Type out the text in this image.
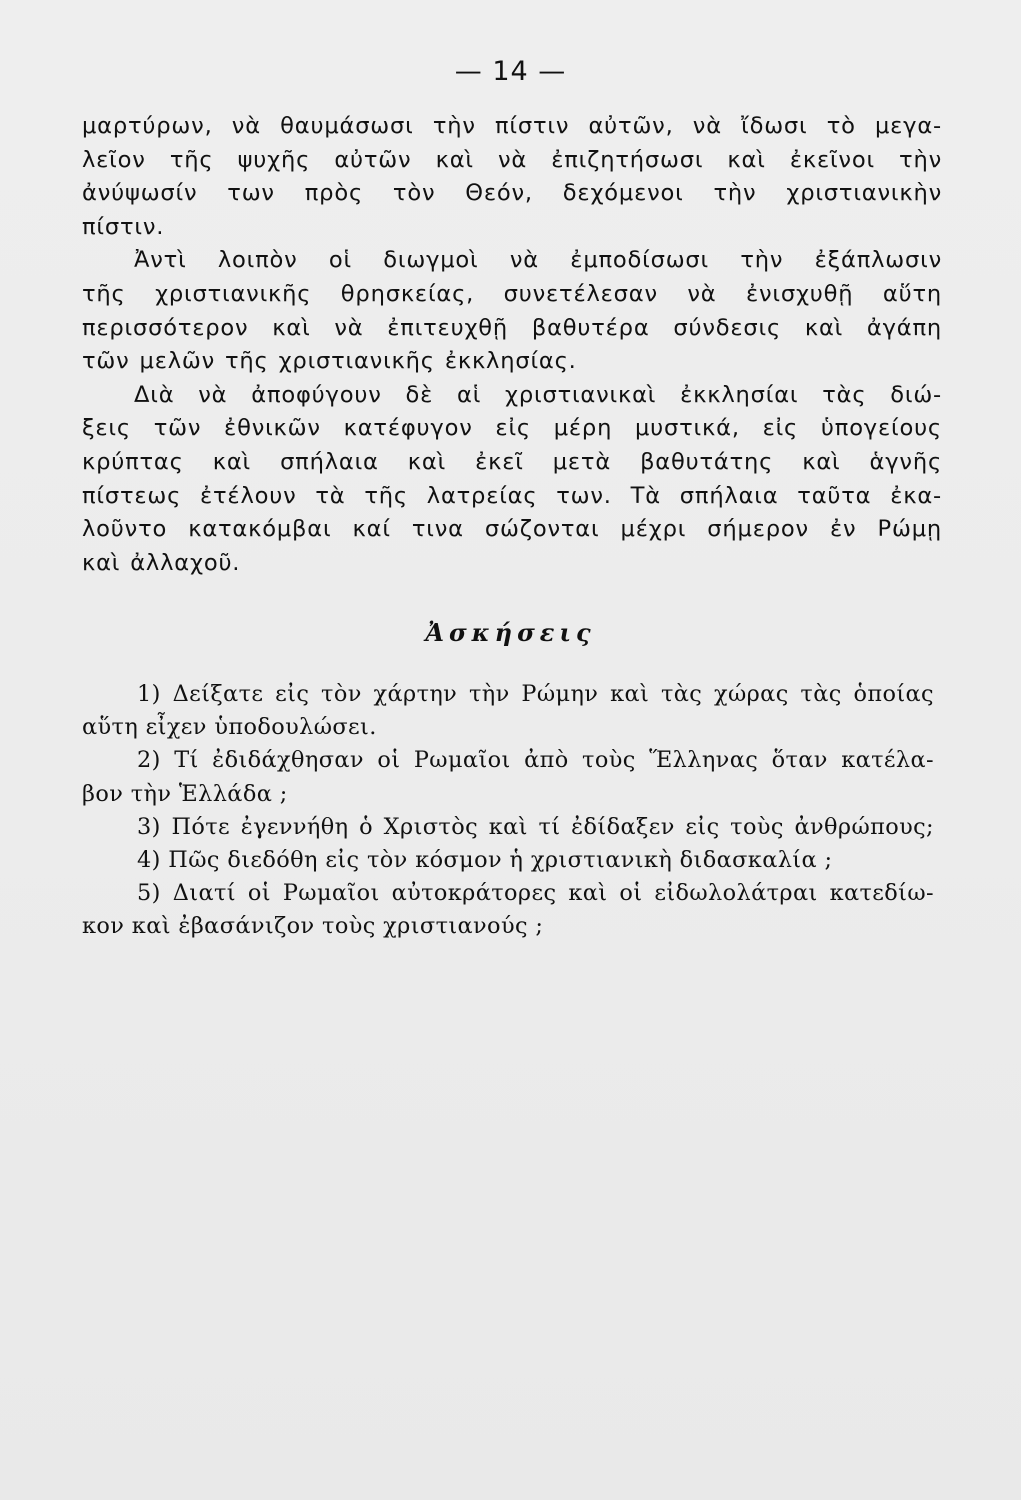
— 14 —
μαρτύρων, νὰ θαυμάσωσι τὴν πίστιν αὐτῶν, νὰ ἴδωσι τὸ μεγα-
λεῖον τῆς ψυχῆς αὐτῶν καὶ νὰ ἐπιζητήσωσι καὶ ἐκεῖνοι τὴν
ἀνύψωσίν των πρὸς τὸν Θεόν, δεχόμενοι τὴν χριστιανικὴν
πίστιν.
Ἀντὶ λοιπὸν οἱ διωγμοὶ νὰ ἐμποδίσωσι τὴν ἐξάπλωσιν
τῆς χριστιανικῆς θρησκείας, συνετέλεσαν νὰ ἐνισχυθῇ αὕτη
περισσότερον καὶ νὰ ἐπιτευχθῇ βαθυτέρα σύνδεσις καὶ ἀγάπη
τῶν μελῶν τῆς χριστιανικῆς ἐκκλησίας.
Διὰ νὰ ἀποφύγουν δὲ αἱ χριστιανικαὶ ἐκκλησίαι τὰς διώ-
ξεις τῶν ἐθνικῶν κατέφυγον εἰς μέρη μυστικά, εἰς ὑπογείους
κρύπτας καὶ σπήλαια καὶ ἐκεῖ μετὰ βαθυτάτης καὶ ἁγνῆς
πίστεως ἐτέλουν τὰ τῆς λατρείας των. Τὰ σπήλαια ταῦτα ἐκα-
λοῦντο κατακόμβαι καί τινα σώζονται μέχρι σήμερον ἐν Ρώμῃ
καὶ ἀλλαχοῦ.
Ἀσκήσεις
1) Δείξατε εἰς τὸν χάρτην τὴν Ρώμην καὶ τὰς χώρας τὰς ὁποίας
αὕτη εἶχεν ὑποδουλώσει.
2) Τί ἐδιδάχθησαν οἱ Ρωμαῖοι ἀπὸ τοὺς Ἕλληνας ὅταν κατέλα-
βον τὴν Ἑλλάδα ;
3) Πότε ἐγεννήθη ὁ Χριστὸς καὶ τί ἐδίδαξεν εἰς τοὺς ἀνθρώπους;
4) Πῶς διεδόθη εἰς τὸν κόσμον ἡ χριστιανικὴ διδασκαλία ;
5) Διατί οἱ Ρωμαῖοι αὐτοκράτορες καὶ οἱ εἰδωλολάτραι κατεδίω-
κον καὶ ἐβασάνιζον τοὺς χριστιανούς ;
